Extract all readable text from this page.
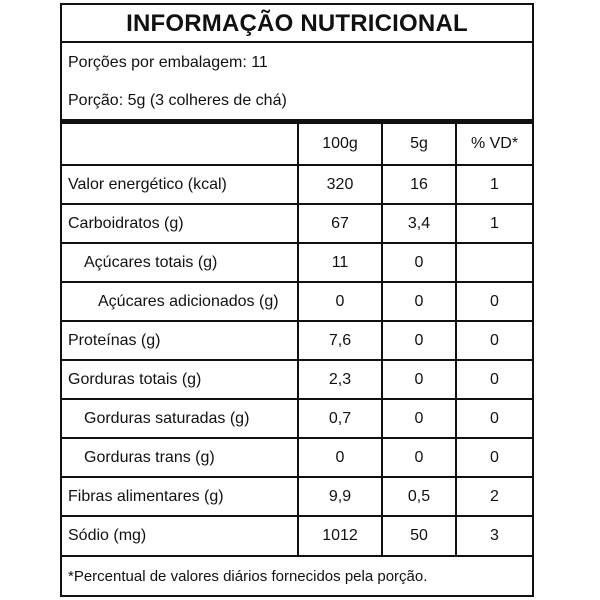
INFORMAÇÃO NUTRICIONAL
Porções por embalagem: 11
Porção: 5g (3 colheres de chá)
	100g	5g	% VD*
Valor energético (kcal)	320	16	1
Carboidratos (g)	67	3,4	1
Açúcares totais (g)	11	0	
Açúcares adicionados (g)	0	0	0
Proteínas (g)	7,6	0	0
Gorduras totais (g)	2,3	0	0
Gorduras saturadas (g)	0,7	0	0
Gorduras trans (g)	0	0	0
Fibras alimentares (g)	9,9	0,5	2
Sódio (mg)	1012	50	3
*Percentual de valores diários fornecidos pela porção.
